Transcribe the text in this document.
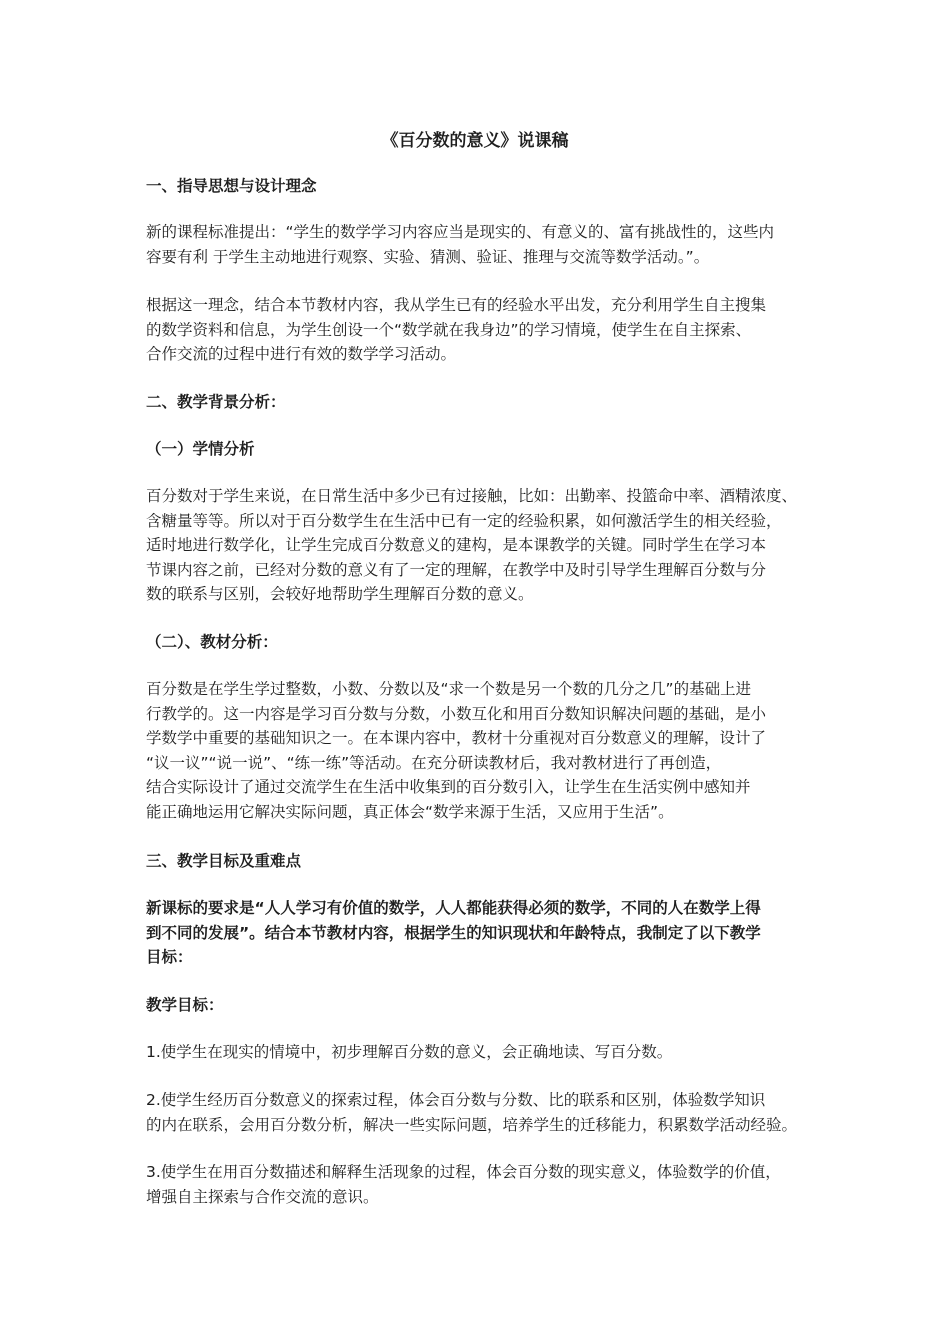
《百分数的意义》说课稿

一、指导思想与设计理念

新的课程标准提出：“学生的数学学习内容应当是现实的、有意义的、富有挑战性的，这些内
容要有利 于学生主动地进行观察、实验、猜测、验证、推理与交流等数学活动。”。

根据这一理念，结合本节教材内容，我从学生已有的经验水平出发，充分利用学生自主搜集
的数学资料和信息，为学生创设一个“数学就在我身边”的学习情境，使学生在自主探索、
合作交流的过程中进行有效的数学学习活动。

二、教学背景分析：

（一）学情分析

百分数对于学生来说，在日常生活中多少已有过接触，比如：出勤率、投篮命中率、酒精浓度、
含糖量等等。所以对于百分数学生在生活中已有一定的经验积累，如何激活学生的相关经验，
适时地进行数学化，让学生完成百分数意义的建构，是本课教学的关键。同时学生在学习本
节课内容之前，已经对分数的意义有了一定的理解，在教学中及时引导学生理解百分数与分
数的联系与区别，会较好地帮助学生理解百分数的意义。

（二）、教材分析：

百分数是在学生学过整数，小数、分数以及“求一个数是另一个数的几分之几”的基础上进
行教学的。这一内容是学习百分数与分数，小数互化和用百分数知识解决问题的基础，是小
学数学中重要的基础知识之一。在本课内容中，教材十分重视对百分数意义的理解，设计了
“议一议”“说一说”、“练一练”等活动。在充分研读教材后，我对教材进行了再创造，
结合实际设计了通过交流学生在生活中收集到的百分数引入，让学生在生活实例中感知并
能正确地运用它解决实际问题，真正体会“数学来源于生活，又应用于生活”。

三、教学目标及重难点

新课标的要求是“人人学习有价值的数学，人人都能获得必须的数学，不同的人在数学上得
到不同的发展”。结合本节教材内容，根据学生的知识现状和年龄特点，我制定了以下教学
目标：

教学目标：

1.使学生在现实的情境中，初步理解百分数的意义，会正确地读、写百分数。

2.使学生经历百分数意义的探索过程，体会百分数与分数、比的联系和区别，体验数学知识
的内在联系，会用百分数分析，解决一些实际问题，培养学生的迁移能力，积累数学活动经验。

3.使学生在用百分数描述和解释生活现象的过程，体会百分数的现实意义，体验数学的价值，
增强自主探索与合作交流的意识。
